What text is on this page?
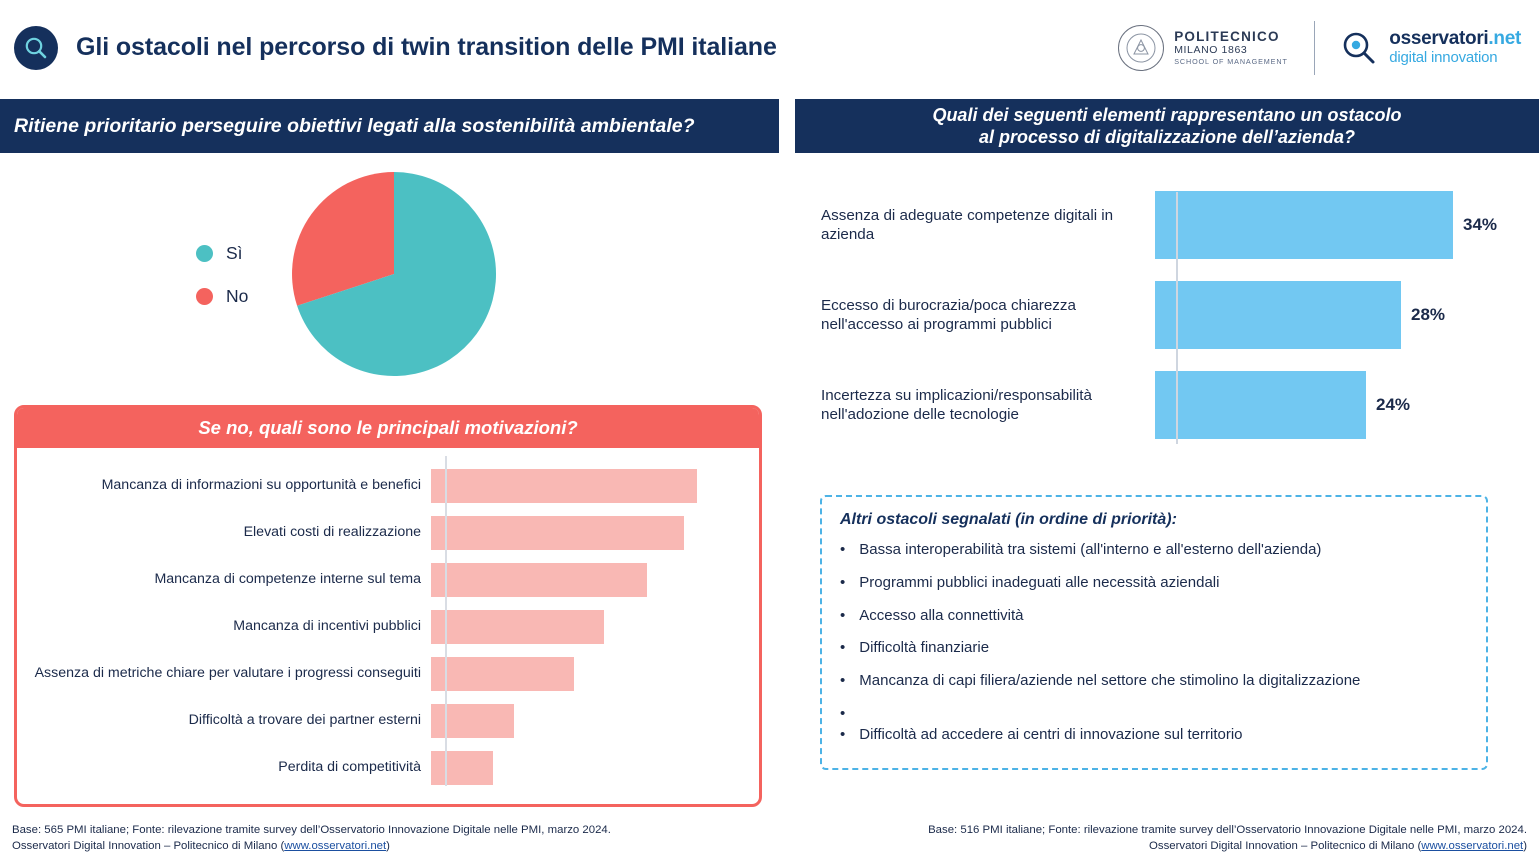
Gli ostacoli nel percorso di twin transition delle PMI italiane	POLITECNICO
MILANO 1863
SCHOOL OF MANAGEMENT
osservatori.net
digital innovation
Ritiene prioritario perseguire obiettivi legati alla sostenibilità ambientale?	Quali dei seguenti elementi rappresentano un ostacolo
al processo di digitalizzazione dell’azienda?
Sì
No
24%
Se no, quali sono le principali motivazioni?
Mancanza di informazioni su opportunità e benefici
Elevati costi di realizzazione
Mancanza di competenze interne sul tema
Mancanza di incentivi pubblici
Assenza di metriche chiare per valutare i progressi conseguiti
Difficoltà a trovare dei partner esterni
Perdita di competitività
Assenza di adeguate competenze digitali in azienda
34%
Eccesso di burocrazia/poca chiarezza nell'accesso ai programmi pubblici
28%
Incertezza su implicazioni/responsabilità nell'adozione delle tecnologie
24%
Altri ostacoli segnalati (in ordine di priorità):
• Bassa interoperabilità tra sistemi (all'interno e all'esterno dell'azienda)
• Programmi pubblici inadeguati alle necessità aziendali
• Accesso alla connettività
• Difficoltà finanziarie
• Mancanza di capi filiera/aziende nel settore che stimolino la digitalizzazione
•
• Difficoltà ad accedere ai centri di innovazione sul territorio
Base: 565 PMI italiane; Fonte: rilevazione tramite survey dell’Osservatorio Innovazione Digitale nelle PMI, marzo 2024.
Osservatori Digital Innovation – Politecnico di Milano (www.osservatori.net)
Base: 516 PMI italiane; Fonte: rilevazione tramite survey dell’Osservatorio Innovazione Digitale nelle PMI, marzo 2024.
Osservatori Digital Innovation – Politecnico di Milano (www.osservatori.net)
